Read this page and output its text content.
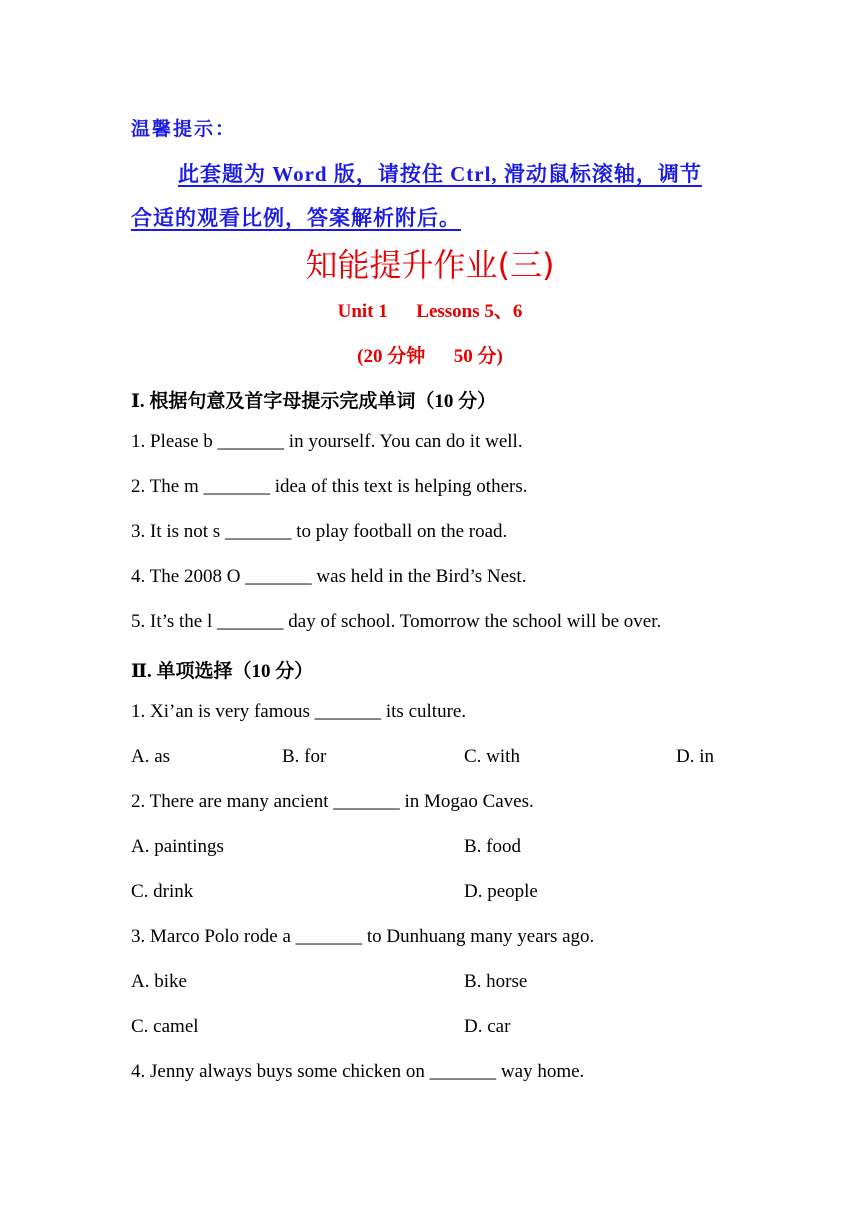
温馨提示：
此套题为 Word 版，请按住 Ctrl, 滑动鼠标滚轴，调节
合适的观看比例，答案解析附后。
知能提升作业(三)
Unit 1      Lessons 5、6
(20 分钟      50 分)
Ⅰ. 根据句意及首字母提示完成单词（10 分）
1. Please b _______ in yourself. You can do it well.
2. The m _______ idea of this text is helping others.
3. It is not s _______ to play football on the road.
4. The 2008 O _______ was held in the Bird’s Nest.
5. It’s the l _______ day of school. Tomorrow the school will be over.
Ⅱ. 单项选择（10 分）
1. Xi’an is very famous _______ its culture.
A. as	B. for	C. with	D. in
2. There are many ancient _______ in Mogao Caves.
A. paintings	B. food
C. drink	D. people
3. Marco Polo rode a _______ to Dunhuang many years ago.
A. bike	B. horse
C. camel	D. car
4. Jenny always buys some chicken on _______ way home.
